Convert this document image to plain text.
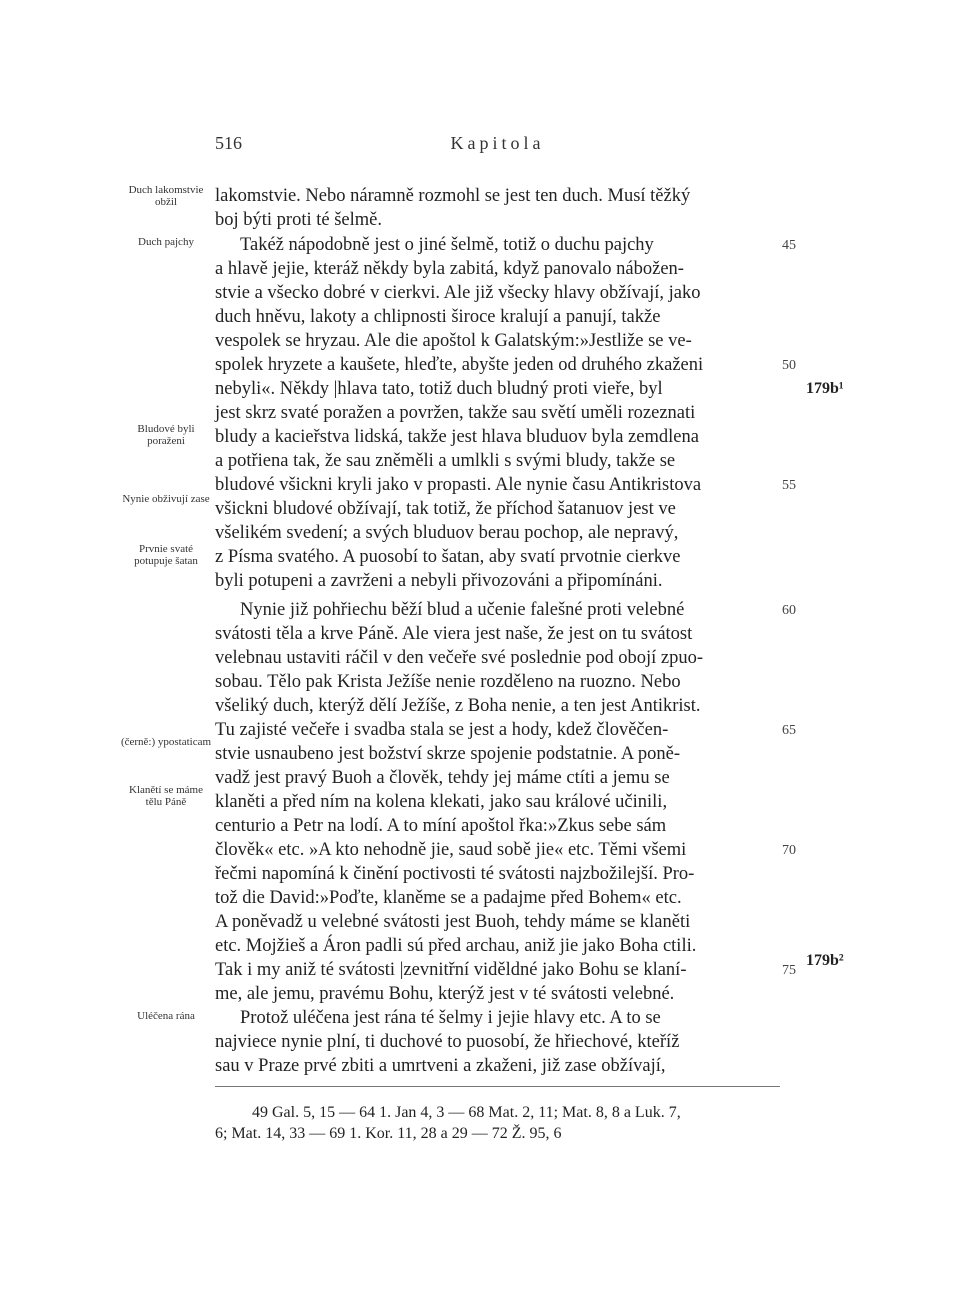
516	Kapitola
Duch lakomstvie obžil
Duch pajchy
Bludové byli poraženi
Nynie obživují zase
Prvnie svaté potupuje šatan
(černě:) ypostaticam
Klanětí se máme tělu Páně
Uléčena rána
lakomstvie. Nebo náramně rozmohl se jest ten duch. Musí těžký
boj býti proti té šelmě.
Takéž nápodobně jest o jiné šelmě, totiž o duchu pajchy
a hlavě jejie, kteráž někdy byla zabitá, když panovalo nábožen-
stvie a všecko dobré v cierkvi. Ale již všecky hlavy obžívají, jako
duch hněvu, lakoty a chlipnosti široce kralují a panují, takže
vespolek se hryzau. Ale die apoštol k Galatským:»Jestliže se ve-
spolek hryzete a kaušete, hleďte, abyšte jeden od druhého zkaženi
nebyli«. Někdy |hlava tato, totiž duch bludný proti vieře, byl
jest skrz svaté poražen a povržen, takže sau světí uměli rozeznati
bludy a kacieřstva lidská, takže jest hlava bluduov byla zemdlena
a potřiena tak, že sau zněměli a umlkli s svými bludy, takže se
bludové všickni kryli jako v propasti. Ale nynie času Antikristova
všickni bludové obžívají, tak totiž, že příchod šatanuov jest ve
všelikém svedení; a svých bluduov berau pochop, ale nepravý,
z Písma svatého. A puosobí to šatan, aby svatí prvotnie cierkve
byli potupeni a zavrženi a nebyli přivozováni a připomínáni.
Nynie již pohřiechu běží blud a učenie falešné proti velebné
svátosti těla a krve Páně. Ale viera jest naše, že jest on tu svátost
velebnau ustaviti ráčil v den večeře své poslednie pod obojí zpuo-
sobau. Tělo pak Krista Ježíše nenie rozděleno na ruozno. Nebo
všeliký duch, kterýž dělí Ježíše, z Boha nenie, a ten jest Antikrist.
Tu zajisté večeře i svadba stala se jest a hody, kdež člověčen-
stvie usnaubeno jest božství skrze spojenie podstatnie. A poně-
vadž jest pravý Buoh a člověk, tehdy jej máme ctíti a jemu se
klaněti a před ním na kolena klekati, jako sau králové učinili,
centurio a Petr na lodí. A to míní apoštol řka:»Zkus sebe sám
člověk« etc. »A kto nehodně jie, saud sobě jie« etc. Těmi všemi
řečmi napomíná k činění poctivosti té svátosti najzbožilejší. Pro-
tož die David:»Poďte, klaněme se a padajme před Bohem« etc.
A poněvadž u velebné svátosti jest Buoh, tehdy máme se klaněti
etc. Mojžieš a Áron padli sú před archau, aniž jie jako Boha ctili.
Tak i my aniž té svátosti |zevnitřní viděldné jako Bohu se klaní-
me, ale jemu, pravému Bohu, kterýž jest v té svátosti velebné.
Protož uléčena jest rána té šelmy i jejie hlavy etc. A to se
najviece nynie plní, ti duchové to puosobí, že hřiechové, kteříž
sau v Praze prvé zbiti a umrtveni a zkaženi, již zase obžívají,
45
50
55
60
65
70
75
179b¹
179b²
49 Gal. 5, 15 — 64 1. Jan 4, 3 — 68 Mat. 2, 11; Mat. 8, 8 a Luk. 7,
6; Mat. 14, 33 — 69 1. Kor. 11, 28 a 29 — 72 Ž. 95, 6
